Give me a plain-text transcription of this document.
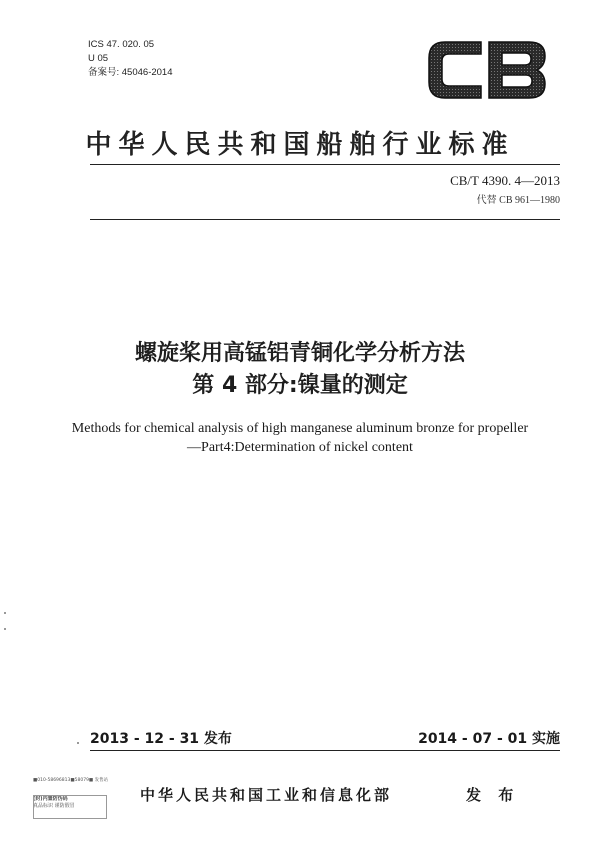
ICS 47. 020. 05
U 05
备案号: 45046-2014
中华人民共和国船舶行业标准
CB/T 4390. 4—2013
代替 CB 961—1980
螺旋桨用高锰铝青铜化学分析方法
第 4 部分:镍量的测定
Methods for chemical analysis of high manganese aluminum bronze for propeller
—Part4:Determination of nickel content
2013 - 12 - 31 发布	2014 - 07 - 01 实施
■010-58696813■58079■ 发售站
(封)内置防伪码
真品标识 谨防假冒
中华人民共和国工业和信息化部	发 布
